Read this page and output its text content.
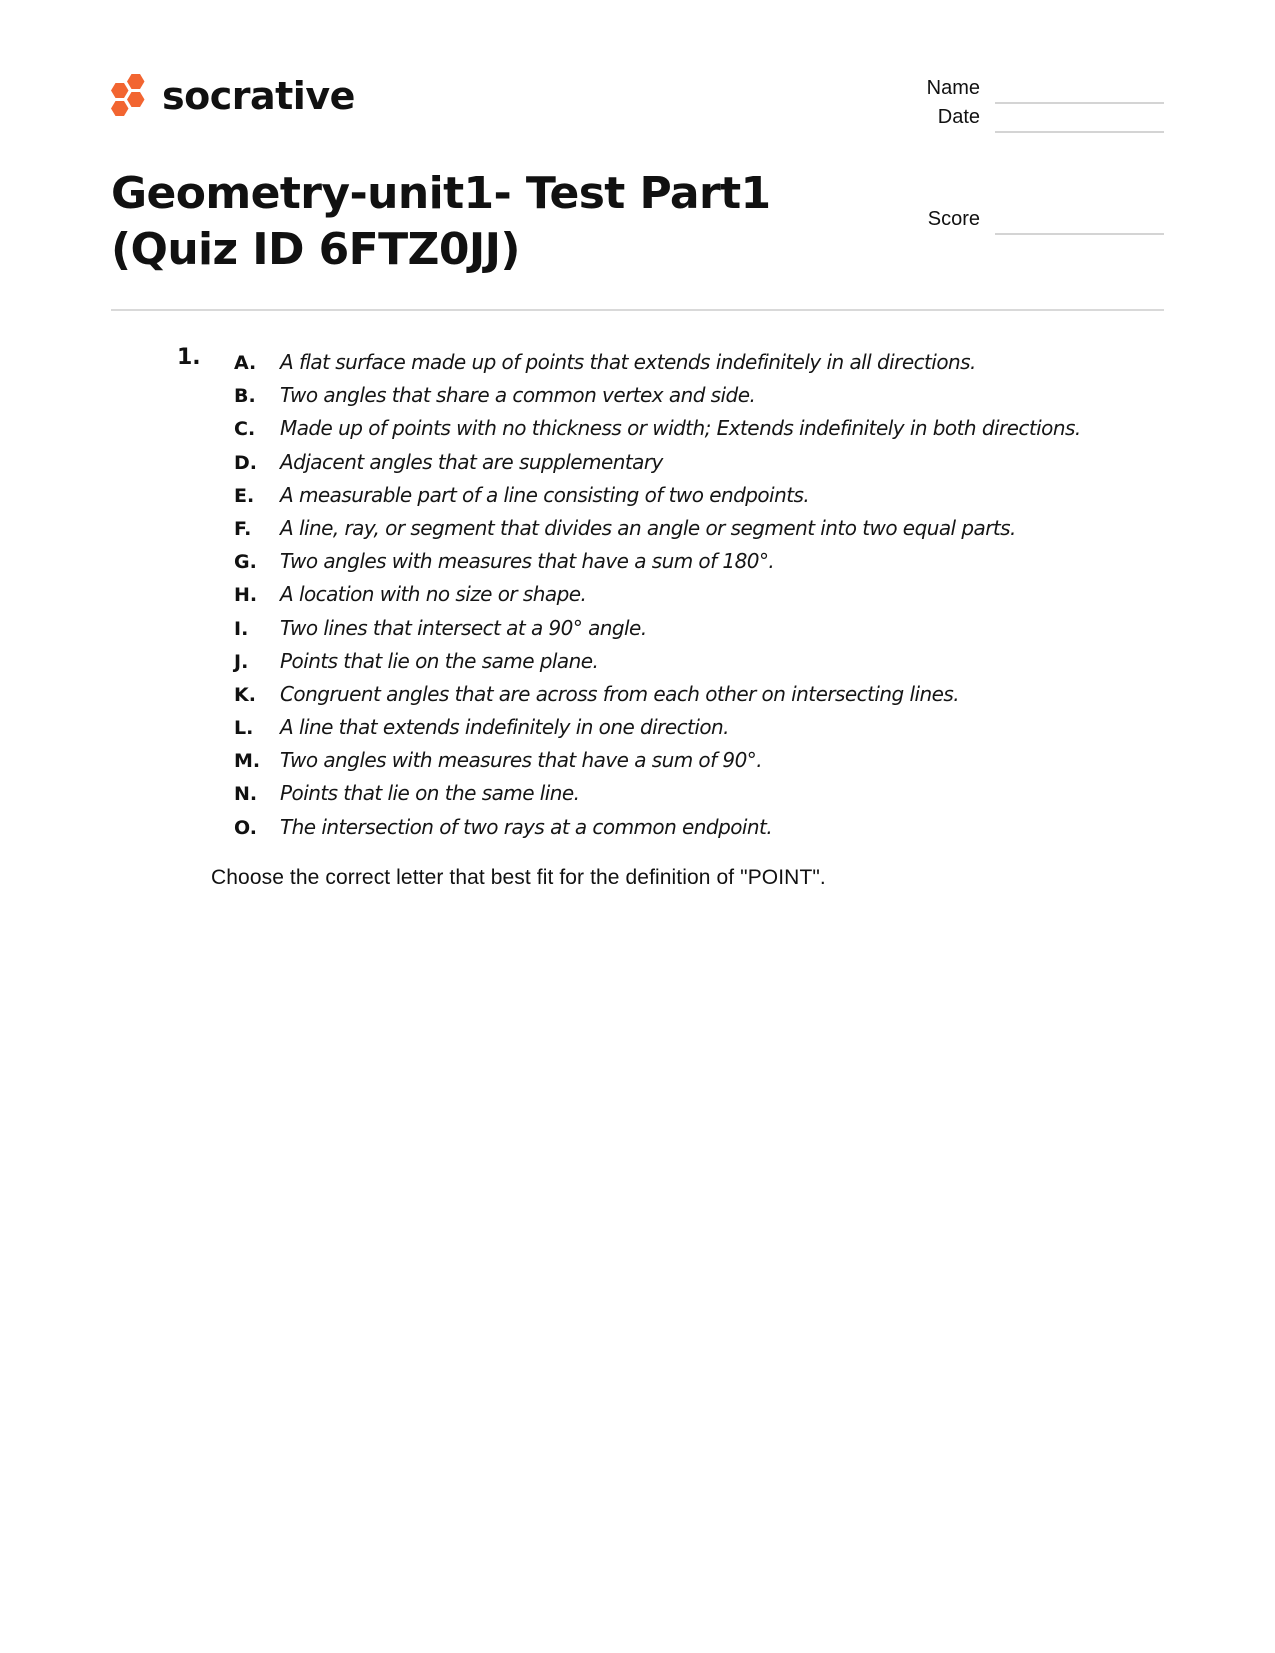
socrative	Name
Date
Score
Geometry-unit1- Test Part1 (Quiz ID 6FTZ0JJ)
1. A.	A flat surface made up of points that extends indefinitely in all directions.
B.	Two angles that share a common vertex and side.
C.	Made up of points with no thickness or width; Extends indefinitely in both directions.
D.	Adjacent angles that are supplementary
E.	A measurable part of a line consisting of two endpoints.
F.	A line, ray, or segment that divides an angle or segment into two equal parts.
G.	Two angles with measures that have a sum of 180°.
H.	A location with no size or shape.
I.	Two lines that intersect at a 90° angle.
J.	Points that lie on the same plane.
K.	Congruent angles that are across from each other on intersecting lines.
L.	A line that extends indefinitely in one direction.
M. Two angles with measures that have a sum of 90°.
N.	Points that lie on the same line.
O.	The intersection of two rays at a common endpoint.
Choose the correct letter that best fit for the definition of "POINT".
